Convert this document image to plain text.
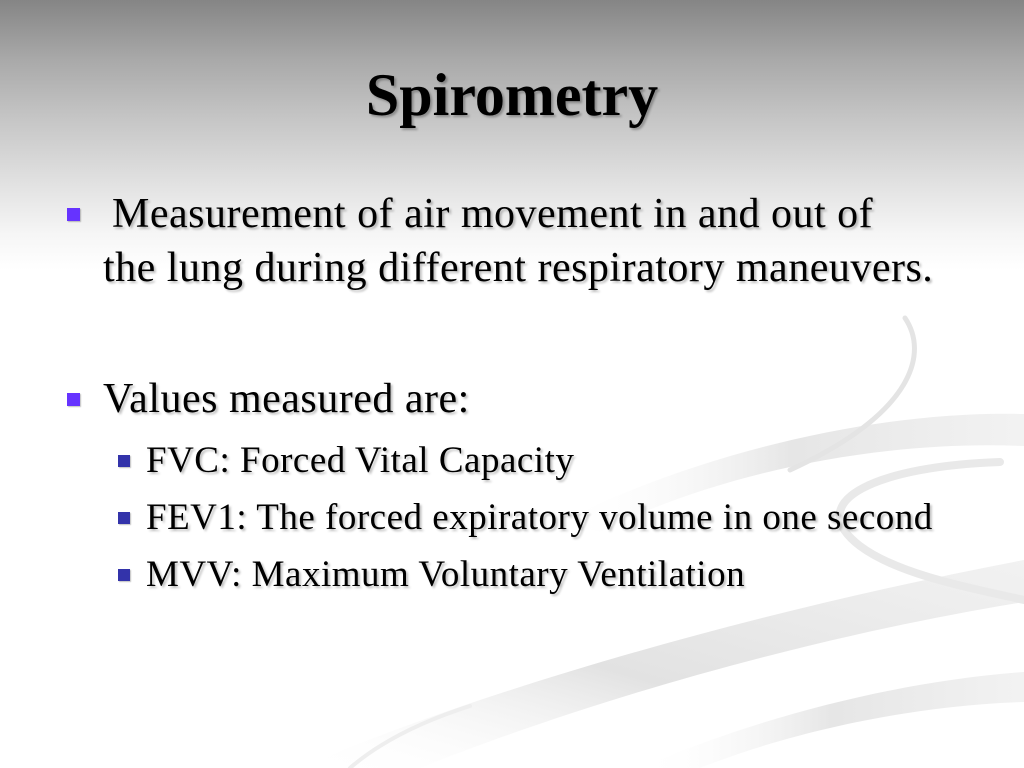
Spirometry
Measurement of air movement in and out of
the lung during different respiratory maneuvers.
Values measured are:
FVC: Forced Vital Capacity
FEV1: The forced expiratory volume in one second
MVV: Maximum Voluntary Ventilation
